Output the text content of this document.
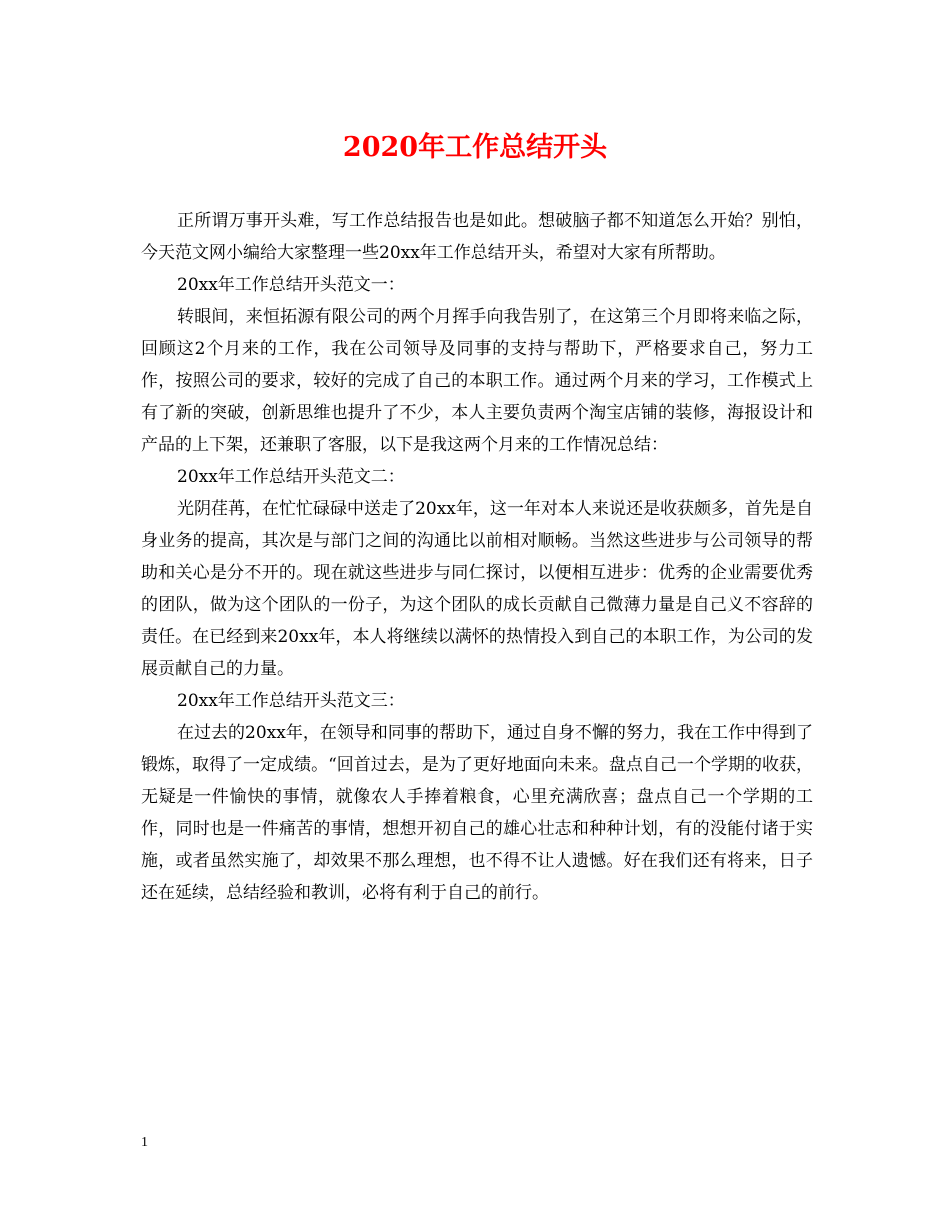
2020年工作总结开头

正所谓万事开头难，写工作总结报告也是如此。想破脑子都不知道怎么开始？别怕，今天范文网小编给大家整理一些20xx年工作总结开头，希望对大家有所帮助。

20xx年工作总结开头范文一：

转眼间，来恒拓源有限公司的两个月挥手向我告别了，在这第三个月即将来临之际，回顾这2个月来的工作，我在公司领导及同事的支持与帮助下，严格要求自己，努力工作，按照公司的要求，较好的完成了自己的本职工作。通过两个月来的学习，工作模式上有了新的突破，创新思维也提升了不少，本人主要负责两个淘宝店铺的装修，海报设计和产品的上下架，还兼职了客服，以下是我这两个月来的工作情况总结：

20xx年工作总结开头范文二：

光阴荏苒，在忙忙碌碌中送走了20xx年，这一年对本人来说还是收获颇多，首先是自身业务的提高，其次是与部门之间的沟通比以前相对顺畅。当然这些进步与公司领导的帮助和关心是分不开的。现在就这些进步与同仁探讨，以便相互进步：优秀的企业需要优秀的团队，做为这个团队的一份子，为这个团队的成长贡献自己微薄力量是自己义不容辞的责任。在已经到来20xx年，本人将继续以满怀的热情投入到自己的本职工作，为公司的发展贡献自己的力量。

20xx年工作总结开头范文三：

在过去的20xx年，在领导和同事的帮助下，通过自身不懈的努力，我在工作中得到了锻炼，取得了一定成绩。“回首过去，是为了更好地面向未来。盘点自己一个学期的收获，无疑是一件愉快的事情，就像农人手捧着粮食，心里充满欣喜；盘点自己一个学期的工作，同时也是一件痛苦的事情，想想开初自己的雄心壮志和种种计划，有的没能付诸于实施，或者虽然实施了，却效果不那么理想，也不得不让人遗憾。好在我们还有将来，日子还在延续，总结经验和教训，必将有利于自己的前行。

1
